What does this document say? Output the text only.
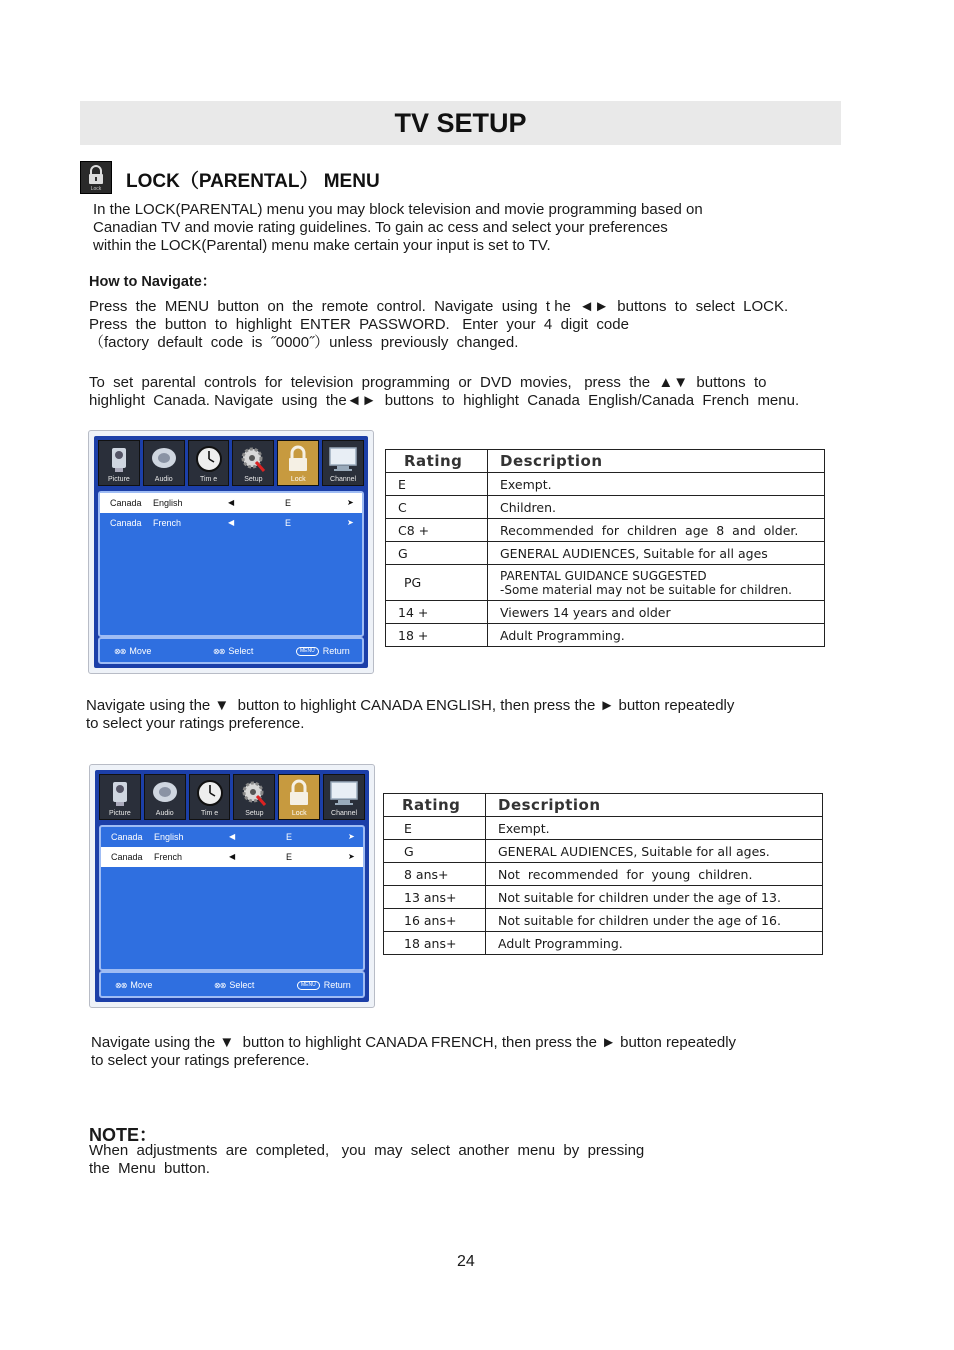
TV SETUP
Lock LOCK（PARENTAL） MENU
In the LOCK(PARENTAL) menu you may block television and movie programming based on
Canadian TV and movie rating guidelines. To gain ac cess and select your preferences
within the LOCK(Parental) menu make certain your input is set to TV.
How to Navigate：
Press  the  MENU  button  on  the  remote  control.  Navigate  using  t he  ◄►  buttons  to  select  LOCK.
Press  the  button  to  highlight  ENTER  PASSWORD.   Enter  your  4  digit  code
（factory  default  code  is  ˝0000˝）unless  previously  changed.
To  set  parental  controls  for  television  programming  or  DVD  movies,   press  the  ▲▼  buttons  to
highlight  Canada. Navigate  using  the◄►  buttons  to  highlight  Canada  English/Canada  French  menu.
Picture	Audio	Tim e	Setup	Lock	Channel
Canada English	◀	E	➤
Canada French	◀	E	➤
⊗⊗ Move	⊗⊗ Select	MENU Return
Rating	Description
E	Exempt.
C	Children.
C8 +	Recommended  for  children  age  8  and  older.
G	GENERAL AUDIENCES, Suitable for all ages
PG	PARENTAL GUIDANCE SUGGESTED
-Some material may not be suitable for children.

14 +	Viewers 14 years and older
18 +	Adult Programming.
Navigate using the ▼  button to highlight CANADA ENGLISH, then press the ► button repeatedly
to select your ratings preference.
Picture	Audio	Tim e	Setup	Lock	Channel
Canada English	◀	E	➤
Canada French	◀	E	➤
⊗⊗ Move	⊗⊗ Select	MENU Return
Rating	Description
E	Exempt.
G	GENERAL AUDIENCES, Suitable for all ages.
8 ans+	Not  recommended  for  young  children.
13 ans+	Not suitable for children under the age of 13.
16 ans+	Not suitable for children under the age of 16.
18 ans+	Adult Programming.
Navigate using the ▼  button to highlight CANADA FRENCH, then press the ► button repeatedly
to select your ratings preference.
NOTE：
When  adjustments  are  completed,   you  may  select  another  menu  by  pressing
the  Menu  button.
24
